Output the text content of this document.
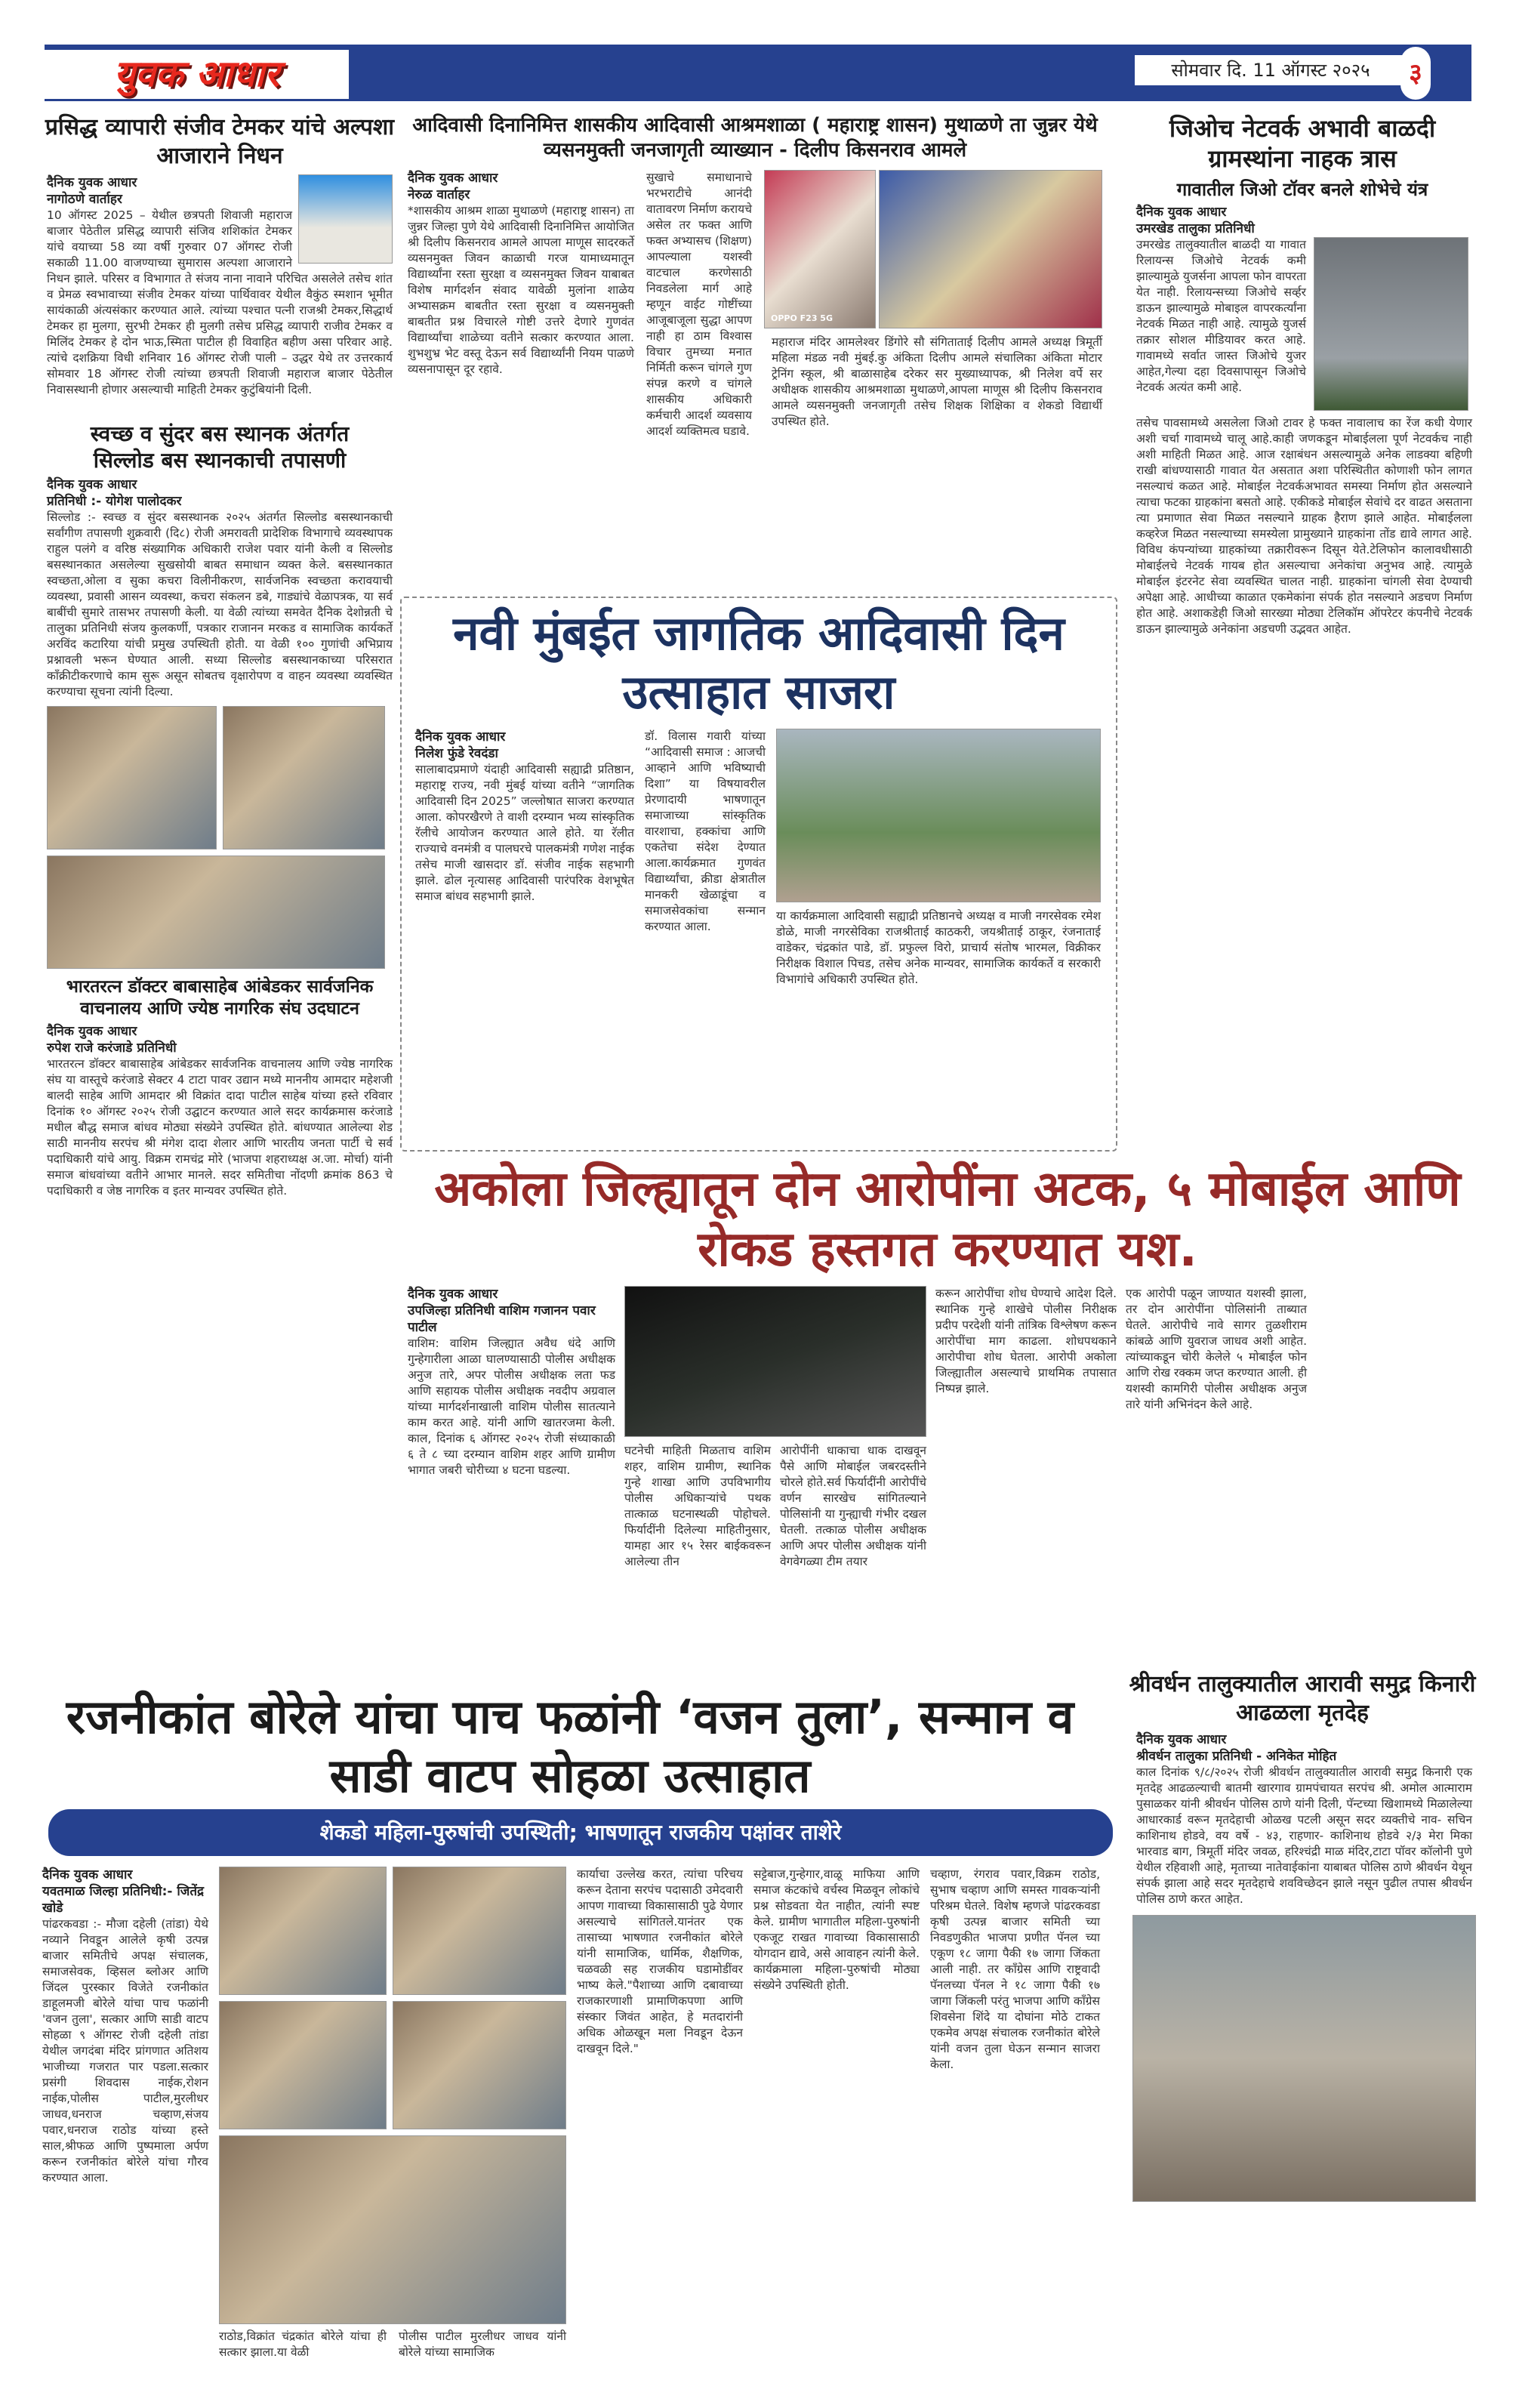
युवक आधार	सोमवार दि. 11 ऑगस्ट २०२५	३
प्रसिद्ध व्यापारी संजीव टेमकर यांचे अल्पशा आजाराने निधन
दैनिक युवक आधार
नागोठणे वार्ताहर
10 ऑगस्ट 2025 – येथील छत्रपती शिवाजी महाराज बाजार पेठेतील प्रसिद्ध व्यापारी संजिव शशिकांत टेमकर यांचे वयाच्या 58 व्या वर्षी गुरुवार 07 ऑगस्ट रोजी सकाळी 11.00 वाजण्याच्या सुमारास अल्पशा आजाराने निधन झाले. परिसर व विभागात ते संजय नाना नावाने परिचित असलेले तसेच शांत व प्रेमळ स्वभावाच्या संजीव टेमकर यांच्या पार्थिवावर येथील वैकुंठ स्मशान भूमीत सायंकाळी अंत्यसंकार करण्यात आले. त्यांच्या पश्चात पत्नी राजश्री टेमकर,सिद्धार्थ टेमकर हा मुलगा, सुरभी टेमकर ही मुलगी तसेच प्रसिद्ध व्यापारी राजीव टेमकर व मिलिंद टेमकर हे दोन भाऊ,स्मिता पाटील ही विवाहित बहीण असा परिवार आहे. त्यांचे दशक्रिया विधी शनिवार 16 ऑगस्ट रोजी पाली – उद्धर येथे तर उत्तरकार्य सोमवार 18 ऑगस्ट रोजी त्यांच्या छत्रपती शिवाजी महाराज बाजार पेठेतील निवासस्थानी होणार असल्याची माहिती टेमकर कुटुंबियांनी दिली.
स्वच्छ व सुंदर बस स्थानक अंतर्गत सिल्लोड बस स्थानकाची तपासणी
दैनिक युवक आधार
प्रतिनिधी :- योगेश पालोदकर
सिल्लोड :- स्वच्छ व सुंदर बसस्थानक २०२५ अंतर्गत सिल्लोड बसस्थानकाची सर्वांगीण तपासणी शुक्रवारी (दि८) रोजी अमरावती प्रादेशिक विभागाचे व्यवस्थापक राहुल पलंगे व वरिष्ठ संख्यागिक अधिकारी राजेश पवार यांनी केली व सिल्लोड बसस्थानकात असलेल्या सुखसोयी बाबत समाधान व्यक्त केले. बसस्थानकात स्वच्छता,ओला व सुका कचरा विलीनीकरण, सार्वजनिक स्वच्छता करावयाची व्यवस्था, प्रवासी आसन व्यवस्था, कचरा संकलन डबे, गाड्यांचे वेळापत्रक, या सर्व बाबींची सुमारे तासभर तपासणी केली. या वेळी त्यांच्या समवेत दैनिक देशोन्नती चे तालुका प्रतिनिधी संजय कुलकर्णी, पत्रकार राजानन मरकड व सामाजिक कार्यकर्ते अरविंद कटारिया यांची प्रमुख उपस्थिती होती. या वेळी १०० गुणांची अभिप्राय प्रश्नावली भरून घेण्यात आली. सध्या सिल्लोड बसस्थानकाच्या परिसरात काँक्रीटीकरणाचे काम सुरू असून सोबतच वृक्षारोपण व वाहन व्यवस्था व्यवस्थित करण्याचा सूचना त्यांनी दिल्या.
भारतरत्न डॉक्टर बाबासाहेब आंबेडकर सार्वजनिक वाचनालय आणि ज्येष्ठ नागरिक संघ उदघाटन
दैनिक युवक आधार
रुपेश राजे करंजाडे प्रतिनिधी
भारतरत्न डॉक्टर बाबासाहेब आंबेडकर सार्वजनिक वाचनालय आणि ज्येष्ठ नागरिक संघ या वास्तूचे करंजाडे सेक्टर 4 टाटा पावर उद्यान मध्ये माननीय आमदार महेशजी बालदी साहेब आणि आमदार श्री विक्रांत दादा पाटील साहेब यांच्या हस्ते रविवार दिनांक १० ऑगस्ट २०२५ रोजी उद्घाटन करण्यात आले सदर कार्यक्रमास करंजाडे मधील बौद्ध समाज बांधव मोठ्या संख्येने उपस्थित होते. बांधण्यात आलेल्या शेड साठी माननीय सरपंच श्री मंगेश दादा शेलार आणि भारतीय जनता पार्टी चे सर्व पदाधिकारी यांचे आयु. विक्रम रामचंद्र मोरे (भाजपा शहराध्यक्ष अ.जा. मोर्चा) यांनी समाज बांधवांच्या वतीने आभार मानले. सदर समितीचा नोंदणी क्रमांक 863 चे पदाधिकारी व जेष्ठ नागरिक व इतर मान्यवर उपस्थित होते.
आदिवासी दिनानिमित्त शासकीय आदिवासी आश्रमशाळा ( महाराष्ट्र शासन) मुथाळणे ता जुन्नर येथे व्यसनमुक्ती जनजागृती व्याख्यान - दिलीप किसनराव आमले
दैनिक युवक आधार
नेरुळ वार्ताहर
*शासकीय आश्रम शाळा मुथाळणे (महाराष्ट्र शासन) ता जुन्नर जिल्हा पुणे येथे आदिवासी दिनानिमित्त आयोजित श्री दिलीप किसनराव आमले आपला माणूस सादरकर्ते व्यसनमुक्त जिवन काळाची गरज यामाध्यमातून विद्यार्थ्यांना रस्ता सुरक्षा व व्यसनमुक्त जिवन याबाबत विशेष मार्गदर्शन संवाद यावेळी मुलांना शाळेय अभ्यासक्रम बाबतीत रस्ता सुरक्षा व व्यसनमुक्ती बाबतीत प्रश्न विचारले गोष्टी उत्तरे देणारे गुणवंत विद्यार्थ्यांचा शाळेच्या वतीने सत्कार करण्यात आला. शुभशुभ्र भेट वस्तू देऊन सर्व विद्यार्थ्यांनी नियम पाळणे व्यसनापासून दूर रहावे.
सुखाचे समाधानाचे भरभराटीचे आनंदी वातावरण निर्माण करायचे असेल तर फक्त आणि फक्त अभ्यासच (शिक्षण) आपल्याला यशस्वी वाटचाल करणेसाठी निवडलेला मार्ग आहे म्हणून वाईट गोष्टींच्या आजूबाजूला सुद्धा आपण नाही हा ठाम विश्वास विचार तुमच्या मनात निर्मिती करून चांगले गुण संपन्न करणे व चांगले शासकीय अधिकारी कर्मचारी आदर्श व्यवसाय आदर्श व्यक्तिमत्व घडावे.
OPPO F23 5G
महाराज मंदिर आमलेश्वर डिंगोरे सौ संगिताताई दिलीप आमले अध्यक्ष त्रिमूर्ती महिला मंडळ नवी मुंबई.कु अंकिता दिलीप आमले संचालिका अंकिता मोटार ट्रेनिंग स्कूल, श्री बाळासाहेब दरेकर सर मुख्याध्यापक, श्री निलेश वर्पे सर अधीक्षक शासकीय आश्रमशाळा मुथाळणे,आपला माणूस श्री दिलीप किसनराव आमले व्यसनमुक्ती जनजागृती तसेच शिक्षक शिक्षिका व शेकडो विद्यार्थी उपस्थित होते.
नवी मुंबईत जागतिक आदिवासी दिन उत्साहात साजरा
दैनिक युवक आधार
निलेश फुंडे रेवदंडा
सालाबादप्रमाणे यंदाही आदिवासी सह्याद्री प्रतिष्ठान, महाराष्ट्र राज्य, नवी मुंबई यांच्या वतीने “जागतिक आदिवासी दिन 2025” जल्लोषात साजरा करण्यात आला. कोपरखैरणे ते वाशी दरम्यान भव्य सांस्कृतिक रॅलीचे आयोजन करण्यात आले होते. या रॅलीत राज्याचे वनमंत्री व पालघरचे पालकमंत्री गणेश नाईक तसेच माजी खासदार डॉ. संजीव नाईक सहभागी झाले. ढोल नृत्यासह आदिवासी पारंपरिक वेशभूषेत समाज बांधव सहभागी झाले.
डॉ. विलास गवारी यांच्या “आदिवासी समाज : आजची आव्हाने आणि भविष्याची दिशा” या विषयावरील प्रेरणादायी भाषणातून समाजाच्या सांस्कृतिक वारशाचा, हक्कांचा आणि एकतेचा संदेश देण्यात आला.कार्यक्रमात गुणवंत विद्यार्थ्यांचा, क्रीडा क्षेत्रातील मानकरी खेळाडूंचा व समाजसेवकांचा सन्मान करण्यात आला.
या कार्यक्रमाला आदिवासी सह्याद्री प्रतिष्ठानचे अध्यक्ष व माजी नगरसेवक रमेश डोळे, माजी नगरसेविका राजश्रीताई काठकरी, जयश्रीताई ठाकूर, रंजनाताई वाडेकर, चंद्रकांत पाडे, डॉ. प्रफुल्ल विरो, प्राचार्य संतोष भारमल, विक्रीकर निरीक्षक विशाल पिचड, तसेच अनेक मान्यवर, सामाजिक कार्यकर्ते व सरकारी विभागांचे अधिकारी उपस्थित होते.
जिओच नेटवर्क अभावी बाळदी ग्रामस्थांना नाहक त्रास
गावातील जिओ टॉवर बनले शोभेचे यंत्र
दैनिक युवक आधार
उमरखेड तालुका प्रतिनिधी
उमरखेड तालुक्यातील बाळदी या गावात रिलायन्स जिओचे नेटवर्क कमी झाल्यामुळे युजर्सना आपला फोन वापरता येत नाही. रिलायन्सच्या जिओचे सर्व्हर डाऊन झाल्यामुळे मोबाइल वापरकर्त्यांना नेटवर्क मिळत नाही आहे. त्यामुळे युजर्स तक्रार सोशल मीडियावर करत आहे. गावामध्ये सर्वात जास्त जिओचे युजर आहेत,गेल्या दहा दिवसापासून जिओचे नेटवर्क अत्यंत कमी आहे.
तसेच पावसामध्ये असलेला जिओ टावर हे फक्त नावालाच का रेंज कधी येणार अशी चर्चा गावामध्ये चालू आहे.काही जणकडून मोबाईलला पूर्ण नेटवर्कच नाही अशी माहिती मिळत आहे. आज रक्षाबंधन असल्यामुळे अनेक लाडक्या बहिणी राखी बांधण्यासाठी गावात येत असतात अशा परिस्थितीत कोणाशी फोन लागत नसल्याचं कळत आहे. मोबाईल नेटवर्कअभावत समस्या निर्माण होत असल्याने त्याचा फटका ग्राहकांना बसतो आहे. एकीकडे मोबाईल सेवांचे दर वाढत असताना त्या प्रमाणात सेवा मिळत नसल्याने ग्राहक हैराण झाले आहेत. मोबाईलला कव्हरेज मिळत नसल्याच्या समस्येला प्रामुख्याने ग्राहकांना तोंड द्यावे लागत आहे. विविध कंपन्यांच्या ग्राहकांच्या तक्रारीवरून दिसून येते.टेलिफोन कालावधीसाठी मोबाईलचे नेटवर्क गायब होत असल्याचा अनेकांचा अनुभव आहे. त्यामुळे मोबाईल इंटरनेट सेवा व्यवस्थित चालत नाही. ग्राहकांना चांगली सेवा देण्याची अपेक्षा आहे. आधीच्या काळात एकमेकांना संपर्क होत नसल्याने अडचण निर्माण होत आहे. अशाकडेही जिओ सारख्या मोठ्या टेलिकॉम ऑपरेटर कंपनीचे नेटवर्क डाऊन झाल्यामुळे अनेकांना अडचणी उद्भवत आहेत.
अकोला जिल्ह्यातून दोन आरोपींना अटक, ५ मोबाईल आणि रोकड हस्तगत करण्यात यश.
दैनिक युवक आधार
उपजिल्हा प्रतिनिधी वाशिम गजानन पवार पाटील
वाशिम: वाशिम जिल्ह्यात अवैध धंदे आणि गुन्हेगारीला आळा घालण्यासाठी पोलीस अधीक्षक अनुज तारे, अपर पोलीस अधीक्षक लता फड आणि सहायक पोलीस अधीक्षक नवदीप अग्रवाल यांच्या मार्गदर्शनाखाली वाशिम पोलीस सातत्याने काम करत आहे. यांनी आणि खातरजमा केली. काल, दिनांक ६ ऑगस्ट २०२५ रोजी संध्याकाळी ६ ते ८ च्या दरम्यान वाशिम शहर आणि ग्रामीण भागात जबरी चोरीच्या ४ घटना घडल्या.
घटनेची माहिती मिळताच वाशिम शहर, वाशिम ग्रामीण, स्थानिक गुन्हे शाखा आणि उपविभागीय पोलीस अधिकाऱ्यांचे पथक तात्काळ घटनास्थळी पोहोचले. फिर्यादींनी दिलेल्या माहितीनुसार, यामहा आर १५ रेसर बाईकवरून आलेल्या तीन
आरोपींनी धाकाचा धाक दाखवून पैसे आणि मोबाईल जबरदस्तीने चोरले होते.सर्व फिर्यादींनी आरोपींचे वर्णन सारखेच सांगितल्याने पोलिसांनी या गुन्ह्याची गंभीर दखल घेतली. तत्काळ पोलीस अधीक्षक आणि अपर पोलीस अधीक्षक यांनी वेगवेगळ्या टीम तयार
करून आरोपींचा शोध घेण्याचे आदेश दिले. स्थानिक गुन्हे शाखेचे पोलीस निरीक्षक प्रदीप परदेशी यांनी तांत्रिक विश्लेषण करून आरोपींचा माग काढला. शोधपथकाने आरोपीचा शोध घेतला. आरोपी अकोला जिल्ह्यातील असल्याचे प्राथमिक तपासात निष्पन्न झाले.
एक आरोपी पळून जाण्यात यशस्वी झाला, तर दोन आरोपींना पोलिसांनी ताब्यात घेतले. आरोपीचे नावे सागर तुळशीराम कांबळे आणि युवराज जाधव अशी आहेत. त्यांच्याकडून चोरी केलेले ५ मोबाईल फोन आणि रोख रक्कम जप्त करण्यात आली. ही यशस्वी कामगिरी पोलीस अधीक्षक अनुज तारे यांनी अभिनंदन केले आहे.
रजनीकांत बोरेले यांचा पाच फळांनी ‘वजन तुला’, सन्मान व साडी वाटप सोहळा उत्साहात
शेकडो महिला-पुरुषांची उपस्थिती; भाषणातून राजकीय पक्षांवर ताशेरे
दैनिक युवक आधार
यवतमाळ जिल्हा प्रतिनिधी:- जितेंद्र खोडे
पांढरकवडा :- मौजा दहेली (तांडा) येथे नव्याने निवडून आलेले कृषी उत्पन्न बाजार समितीचे अपक्ष संचालक, समाजसेवक, व्हिसल ब्लोअर आणि जिंदल पुरस्कार विजेते रजनीकांत डाहूलमजी बोरेले यांचा पाच फळांनी 'वजन तुला', सत्कार आणि साडी वाटप सोहळा ९ ऑगस्ट रोजी दहेली तांडा येथील जगदंबा मंदिर प्रांगणात अतिशय भाजीच्या गजरात पार पडला.सत्कार प्रसंगी शिवदास नाईक,रोशन नाईक,पोलीस पाटील,मुरलीधर जाधव,धनराज चव्हाण,संजय पवार,धनराज राठोड यांच्या हस्ते साल,श्रीफळ आणि पुष्पमाला अर्पण करून रजनीकांत बोरेले यांचा गौरव करण्यात आला.
राठोड,विक्रांत चंद्रकांत बोरेले यांचा ही सत्कार झाला.या वेळी
पोलीस पाटील मुरलीधर जाधव यांनी बोरेले यांच्या सामाजिक
कार्याचा उल्लेख करत, त्यांचा परिचय करून देताना सरपंच पदासाठी उमेदवारी आपण गावाच्या विकासासाठी पुढे येणार असल्याचे सांगितले.यानंतर एक तासाच्या भाषणात रजनीकांत बोरेले यांनी सामाजिक, धार्मिक, शैक्षणिक, चळवळी सह राजकीय घडामोडींवर भाष्य केले."पैशाच्या आणि दबावाच्या राजकारणाशी प्रामाणिकपणा आणि संस्कार जिवंत आहेत, हे मतदारांनी अधिक ओळखून मला निवडून देऊन दाखवून दिले."
सट्टेबाज,गुन्हेगार,वाळू माफिया आणि समाज कंटकांचे वर्चस्व मिळवून लोकांचे प्रश्न सोडवता येत नाहीत, त्यांनी स्पष्ट केले. ग्रामीण भागातील महिला-पुरुषांनी एकजूट राखत गावाच्या विकासासाठी योगदान द्यावे, असे आवाहन त्यांनी केले. कार्यक्रमाला महिला-पुरुषांची मोठ्या संख्येने उपस्थिती होती.
चव्हाण, रंगराव पवार,विक्रम राठोड, सुभाष चव्हाण आणि समस्त गावकऱ्यांनी परिश्रम घेतले. विशेष म्हणजे पांढरकवडा कृषी उत्पन्न बाजार समिती च्या निवडणुकीत भाजपा प्रणीत पॅनल च्या एकूण १८ जागा पैकी १७ जागा जिंकता आली नाही. तर काँग्रेस आणि राष्ट्रवादी पॅनलच्या पॅनल ने १८ जागा पैकी १७ जागा जिंकली परंतु भाजपा आणि काँग्रेस शिवसेना शिंदे या दोघांना मोठे टाकत एकमेव अपक्ष संचालक रजनीकांत बोरेले यांनी वजन तुला घेऊन सन्मान साजरा केला.
श्रीवर्धन तालुक्यातील आरावी समुद्र किनारी आढळला मृतदेह
दैनिक युवक आधार
श्रीवर्धन तालुका प्रतिनिधी - अनिकेत मोहित
काल दिनांक ९/८/२०२५ रोजी श्रीवर्धन तालुक्यातील आरावी समुद्र किनारी एक मृतदेह आढळल्याची बातमी खारगाव ग्रामपंचायत सरपंच श्री. अमोल आत्माराम पुसाळकर यांनी श्रीवर्धन पोलिस ठाणे यांनी दिली, पॅन्टच्या खिशामध्ये मिळालेल्या आधारकार्ड वरून मृतदेहाची ओळख पटली असून सदर व्यक्तीचे नाव- सचिन काशिनाथ होडवे, वय वर्षे - ४३, राहणार- काशिनाथ होडवे २/३ मेरा मिका भारवाड बाग, त्रिमूर्ती मंदिर जवळ, हरिश्चंद्री माळ मंदिर,टाटा पॉवर कॉलोनी पुणे येथील रहिवाशी आहे, मृताच्या नातेवाईकांना याबाबत पोलिस ठाणे श्रीवर्धन येथून संपर्क झाला आहे सदर मृतदेहाचे शवविच्छेदन झाले नसून पुढील तपास श्रीवर्धन पोलिस ठाणे करत आहेत.
